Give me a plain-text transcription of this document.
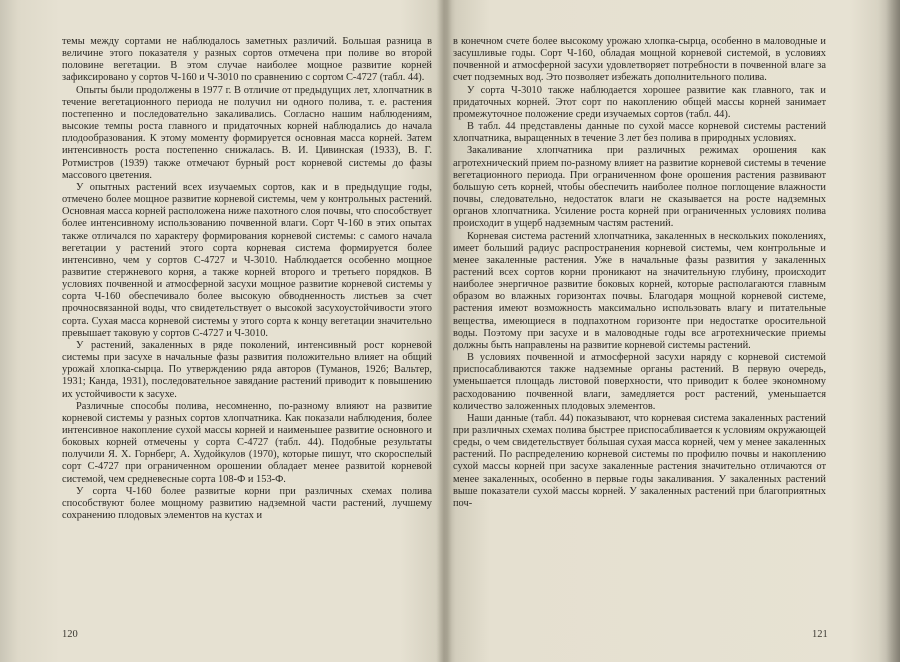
темы между сортами не наблюдалось заметных различий. Большая разница в величине этого показателя у разных сортов отмечена при поливе во второй половине вегетации. В этом случае наиболее мощное развитие корней зафиксировано у сортов Ч-160 и Ч-3010 по сравнению с сортом С-4727 (табл. 44).

Опыты были продолжены в 1977 г. В отличие от предыдущих лет, хлопчатник в течение вегетационного периода не получил ни одного полива, т. е. растения постепенно и последовательно закаливались. Согласно нашим наблюдениям, высокие темпы роста главного и придаточных корней наблюдались до начала плодообразования. К этому моменту формируется основная масса корней. Затем интенсивность роста постепенно снижалась. В. И. Цивинская (1933), В. Г. Ротмистров (1939) также отмечают бурный рост корневой системы до фазы массового цветения.

У опытных растений всех изучаемых сортов, как и в предыдущие годы, отмечено более мощное развитие корневой системы, чем у контрольных растений. Основная масса корней расположена ниже пахотного слоя почвы, что способствует более интенсивному использованию почвенной влаги. Сорт Ч-160 в этих опытах также отличался по характеру формирования корневой системы: с самого начала вегетации у растений этого сорта корневая система формируется более интенсивно, чем у сортов С-4727 и Ч-3010. Наблюдается особенно мощное развитие стержневого корня, а также корней второго и третьего порядков. В условиях почвенной и атмосферной засухи мощное развитие корневой системы у сорта Ч-160 обеспечивало более высокую обводненность листьев за счет прочносвязанной воды, что свидетельствует о высокой засухоустойчивости этого сорта. Сухая масса корневой системы у этого сорта к концу вегетации значительно превышает таковую у сортов С-4727 и Ч-3010.

У растений, закаленных в ряде поколений, интенсивный рост корневой системы при засухе в начальные фазы развития положительно влияет на общий урожай хлопка-сырца. По утверждению ряда авторов (Туманов, 1926; Вальтер, 1931; Канда, 1931), последовательное завядание растений приводит к повышению их устойчивости к засухе.

Различные способы полива, несомненно, по-разному влияют на развитие корневой системы у разных сортов хлопчатника. Как показали наблюдения, более интенсивное накопление сухой массы корней и наименьшее развитие основного и боковых корней отмечены у сорта С-4727 (табл. 44). Подобные результаты получили Я. Х. Горнберг, А. Худойкулов (1970), которые пишут, что скороспелый сорт С-4727 при ограниченном орошении обладает менее развитой корневой системой, чем средневесные сорта 108-Ф и 153-Ф.

У сорта Ч-160 более развитые корни при различных схемах полива способствуют более мощному развитию надземной части растений, лучшему сохранению плодовых элементов на кустах и

120

в конечном счете более высокому урожаю хлопка-сырца, особенно в маловодные и засушливые годы. Сорт Ч-160, обладая мощной корневой системой, в условиях почвенной и атмосферной засухи удовлетворяет потребности в почвенной влаге за счет подземных вод. Это позволяет избежать дополнительного полива.

У сорта Ч-3010 также наблюдается хорошее развитие как главного, так и придаточных корней. Этот сорт по накоплению общей массы корней занимает промежуточное положение среди изучаемых сортов (табл. 44).

В табл. 44 представлены данные по сухой массе корневой системы растений хлопчатника, выращенных в течение 3 лет без полива в природных условиях.

Закаливание хлопчатника при различных режимах орошения как агротехнический прием по-разному влияет на развитие корневой системы в течение вегетационного периода. При ограниченном фоне орошения растения развивают большую сеть корней, чтобы обеспечить наиболее полное поглощение влажности почвы, следовательно, недостаток влаги не сказывается на росте надземных органов хлопчатника. Усиление роста корней при ограниченных условиях полива происходит в ущерб надземным частям растений.

Корневая система растений хлопчатника, закаленных в нескольких поколениях, имеет больший радиус распространения корневой системы, чем контрольные и менее закаленные растения. Уже в начальные фазы развития у закаленных растений всех сортов корни проникают на значительную глубину, происходит наиболее энергичное развитие боковых корней, которые располагаются главным образом во влажных горизонтах почвы. Благодаря мощной корневой системе, растения имеют возможность максимально использовать влагу и питательные вещества, имеющиеся в подпахотном горизонте при недостатке оросительной воды. Поэтому при засухе и в маловодные годы все агротехнические приемы должны быть направлены на развитие корневой системы растений.

В условиях почвенной и атмосферной засухи наряду с корневой системой приспосабливаются также надземные органы растений. В первую очередь, уменьшается площадь листовой поверхности, что приводит к более экономному расходованию почвенной влаги, замедляется рост растений, уменьшается количество заложенных плодовых элементов.

Наши данные (табл. 44) показывают, что корневая система закаленных растений при различных схемах полива быстрее приспосабливается к условиям окружающей среды, о чем свидетельствует бо́льшая сухая масса корней, чем у менее закаленных растений. По распределению корневой системы по профилю почвы и накоплению сухой массы корней при засухе закаленные растения значительно отличаются от менее закаленных, особенно в первые годы закаливания. У закаленных растений выше показатели сухой массы корней. У закаленных растений при благоприятных поч-

121
